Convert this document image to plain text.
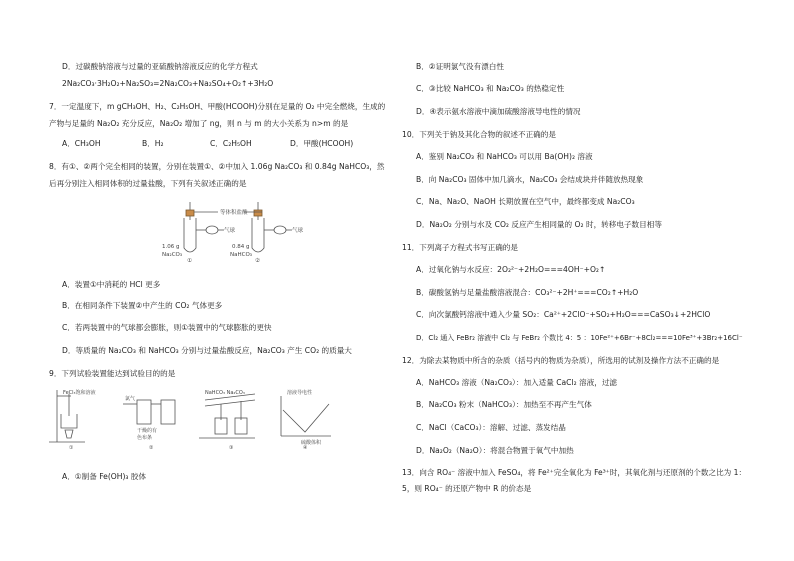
D．过碳酸钠溶液与过量的亚硫酸钠溶液反应的化学方程式
2Na₂CO₃·3H₂O₂+Na₂SO₃=2Na₂CO₃+Na₂SO₄+O₂↑+3H₂O
7．一定温度下，m gCH₃OH、H₂、C₂H₅OH、甲酸(HCOOH)分别在足量的 O₂ 中完全燃烧，生成的
产物与足量的 Na₂O₂ 充分反应，Na₂O₂ 增加了 ng，则 n 与 m 的大小关系为 n>m 的是
A．CH₃OH	B．H₂	C．C₂H₅OH	D．甲酸(HCOOH)
8．有①、②两个完全相同的装置，分别在装置①、②中加入 1.06g Na₂CO₃ 和 0.84g NaHCO₃，然
后再分别注入相同体积的过量盐酸，下列有关叙述正确的是
等体积盐酸
气球	气球
1.06 g
Na₂CO₃
①
0.84 g
NaHCO₃
②
A．装置①中消耗的 HCl 更多
B．在相同条件下装置②中产生的 CO₂ 气体更多
C．若两装置中的气球都会膨胀，则①装置中的气球膨胀的更快
D．等质量的 Na₂CO₃ 和 NaHCO₃ 分别与过量盐酸反应，Na₂CO₃ 产生 CO₂ 的质量大
9．下列试验装置能达到试验目的的是
FeCl₃饱和溶液
氯气
干燥的有
色布条
NaHCO₃ Na₂CO₃	溶液导电性
硫酸体积
①	②	③	④
A．①制备 Fe(OH)₃ 胶体
B．②证明氯气没有漂白性
C．③比较 NaHCO₃ 和 Na₂CO₃ 的热稳定性
D．④表示氨水溶液中滴加硫酸溶液导电性的情况
10．下列关于钠及其化合物的叙述不正确的是
A．鉴别 Na₂CO₃ 和 NaHCO₃ 可以用 Ba(OH)₂ 溶液
B．向 Na₂CO₃ 固体中加几滴水，Na₂CO₃ 会结成块并伴随放热现象
C．Na、Na₂O、NaOH 长期放置在空气中，最终都变成 Na₂CO₃
D．Na₂O₂ 分别与水及 CO₂ 反应产生相同量的 O₂ 时，转移电子数目相等
11．下列离子方程式书写正确的是
A．过氧化钠与水反应：2O₂²⁻+2H₂O===4OH⁻+O₂↑
B．碳酸氢钠与足量盐酸溶液混合：CO₃²⁻+2H⁺===CO₂↑+H₂O
C．向次氯酸钙溶液中通入少量 SO₂：Ca²⁺+2ClO⁻+SO₂+H₂O===CaSO₃↓+2HClO
D．Cl₂ 通入 FeBr₂ 溶液中 Cl₂ 与 FeBr₂ 个数比 4：5 ：10Fe²⁺+6Br⁻+8Cl₂===10Fe³⁺+3Br₂+16Cl⁻
12．为除去某物质中所含的杂质（括号内的物质为杂质），所选用的试剂及操作方法不正确的是
A．NaHCO₃ 溶液（Na₂CO₃）：加入适量 CaCl₂ 溶液，过滤
B．Na₂CO₃ 粉末（NaHCO₃）：加热至不再产生气体
C．NaCl（CaCO₃）：溶解、过滤、蒸发结晶
D．Na₂O₂（Na₂O）：将混合物置于氧气中加热
13．向含 RO₄⁻ 溶液中加入 FeSO₄，将 Fe²⁺完全氧化为 Fe³⁺时，其氧化剂与还原剂的个数之比为 1：
5，则 RO₄⁻ 的还原产物中 R 的价态是
